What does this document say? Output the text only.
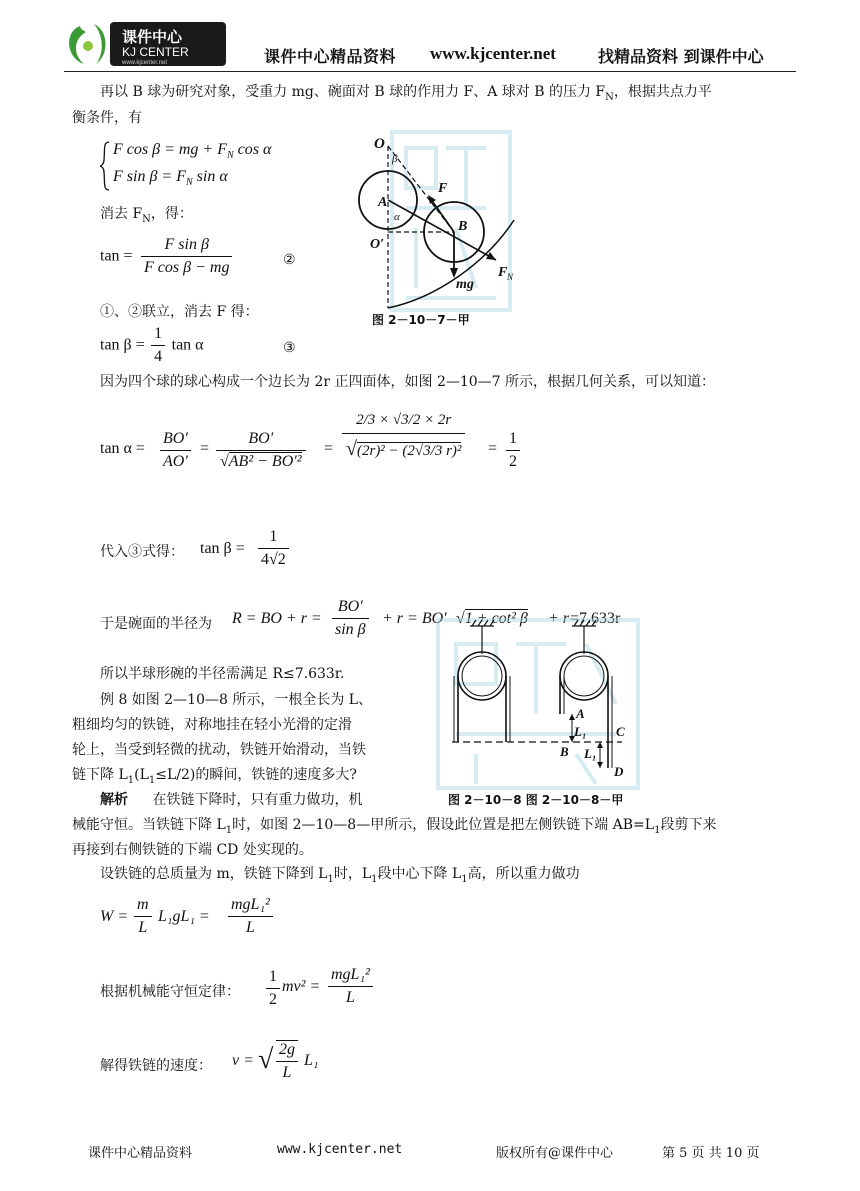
课件中心
KJ CENTER
www.kjcenter.net	课件中心精品资料 www.kjcenter.net	找精品资料 到课件中心
再以 B 球为研究对象，受重力 mg、碗面对 B 球的作用力 F、A 球对 B 的压力 $F_N$，根据共点力平
衡条件，有
F cos β = mg + $F_N$ cos α
F $\sin \beta = F_N$ sin α
消去 $F_N$，得：
$\tan = \frac{\text{F sin β}}{\text{F cos β − mg}}$	②
①、②联立，消去 F 得：
$\tan \beta = \frac{1}{4}$ tan α	③
O
β
A
α
O′
F
B
mg
F N
图 2－10－7－甲
因为四个球的球心构成一个边长为 2r 正四面体，如图 2—10—7 所示，根据几何关系，可以知道：
$\tan \alpha = \frac{BO'}{AO'} = \frac{BO'}{\text{√AB² − BO′²}} = \frac{2/3 \times √3/2 \times 2r}{\text{√(2r)² − (2√3/3 r)²}} = \frac{1}{2}$
代入③式得： $\tan \beta = \frac{1}{4√2}$
于是碗面的半径为 R = BO + $r = \frac{BO'}{\text{sin β}} + r = BO'$ √1 + cot² β + r =7.633r
所以半球形碗的半径需满足 R≤7.633r.
例 8 如图 2—10—8 所示，一根全长为 L、
粗细均匀的铁链，对称地挂在轻小光滑的定滑
轮上，当受到轻微的扰动，铁链开始滑动，当铁
链下降 $L_1(L_1\le L/2)$的瞬间，铁链的速度多大?
解析 在铁链下降时，只有重力做功，机
械能守恒。当铁链下降 $L_1$时，如图 2—10—8—甲所示，假设此位置是把左侧铁链下端 $AB=L_1$段剪下来
再接到右侧铁链的下端 CD 处实现的。
A
L₁
B
C
L₁
D
图 2－10－8 图 2－10－8－甲
设铁链的总质量为 m，铁链下降到 $L_1$时，$L_1$段中心下降 $L_1$高，所以重力做功
$W = \frac{m}{L} L_1gL_1$ =
mgL₁²
L
根据机械能守恒定律： $\frac{1}{2} mv^2$ =
mgL₁²
L
解得铁链的速度： v = √ $\frac{2g}{L} L_1$
课件中心精品资料	www.kjcenter.net	版权所有@课件中心	第 5 页 共 10 页
